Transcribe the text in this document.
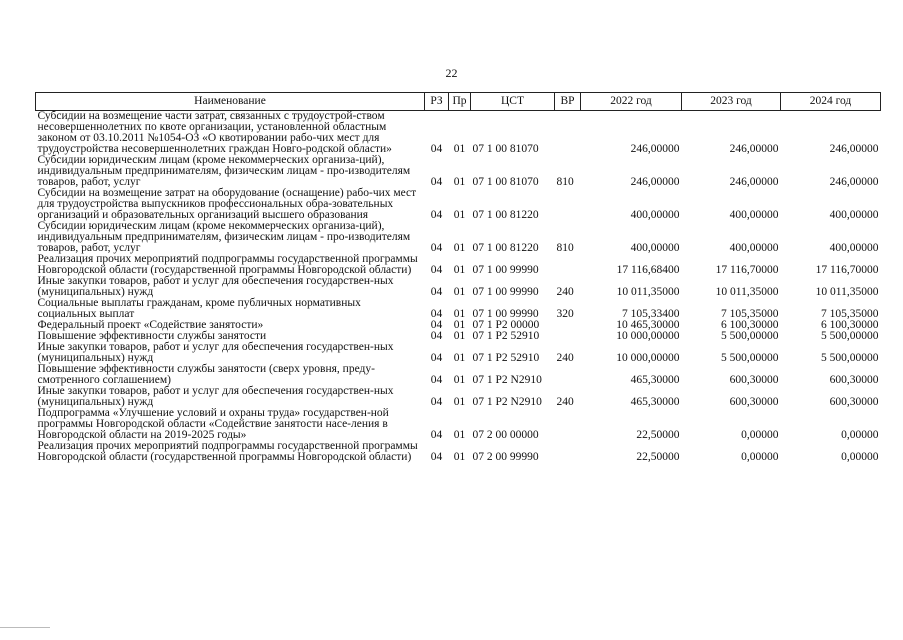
22
Наименование	РЗ	Пр	ЦСТ	ВР	2022 год	2023 год	2024 год
Субсидии на возмещение части затрат, связанных с трудоустрой-ством несовершеннолетних по квоте организации, установленной областным законом от 03.10.2011 №1054-ОЗ «О квотировании рабо-чих мест для трудоустройства несовершеннолетних граждан Новго-родской области»	04	01	07 1 00 81070		246,00000	246,00000	246,00000
Субсидии юридическим лицам (кроме некоммерческих организа-ций), индивидуальным предпринимателям, физическим лицам - про-изводителям товаров, работ, услуг	04	01	07 1 00 81070	810	246,00000	246,00000	246,00000
Субсидии на возмещение затрат на оборудование (оснащение) рабо-чих мест для трудоустройства выпускников профессиональных обра-зовательных организаций и образовательных организаций высшего образования	04	01	07 1 00 81220		400,00000	400,00000	400,00000
Субсидии юридическим лицам (кроме некоммерческих организа-ций), индивидуальным предпринимателям, физическим лицам - про-изводителям товаров, работ, услуг	04	01	07 1 00 81220	810	400,00000	400,00000	400,00000
Реализация прочих мероприятий подпрограммы государственной программы Новгородской области (государственной программы Новгородской области)	04	01	07 1 00 99990		17 116,68400	17 116,70000	17 116,70000
Иные закупки товаров, работ и услуг для обеспечения государствен-ных (муниципальных) нужд	04	01	07 1 00 99990	240	10 011,35000	10 011,35000	10 011,35000
Социальные выплаты гражданам, кроме публичных нормативных социальных выплат	04	01	07 1 00 99990	320	7 105,33400	7 105,35000	7 105,35000
Федеральный проект «Содействие занятости»	04	01	07 1 P2 00000		10 465,30000	6 100,30000	6 100,30000
Повышение эффективности службы занятости	04	01	07 1 P2 52910		10 000,00000	5 500,00000	5 500,00000
Иные закупки товаров, работ и услуг для обеспечения государствен-ных (муниципальных) нужд	04	01	07 1 P2 52910	240	10 000,00000	5 500,00000	5 500,00000
Повышение эффективности службы занятости (сверх уровня, преду-смотренного соглашением)	04	01	07 1 P2 N2910		465,30000	600,30000	600,30000
Иные закупки товаров, работ и услуг для обеспечения государствен-ных (муниципальных) нужд	04	01	07 1 P2 N2910	240	465,30000	600,30000	600,30000
Подпрограмма «Улучшение условий и охраны труда» государствен-ной программы Новгородской области «Содействие занятости насе-ления в Новгородской области на 2019-2025 годы»	04	01	07 2 00 00000		22,50000	0,00000	0,00000
Реализация прочих мероприятий подпрограммы государственной программы Новгородской области (государственной программы Новгородской области)	04	01	07 2 00 99990		22,50000	0,00000	0,00000
